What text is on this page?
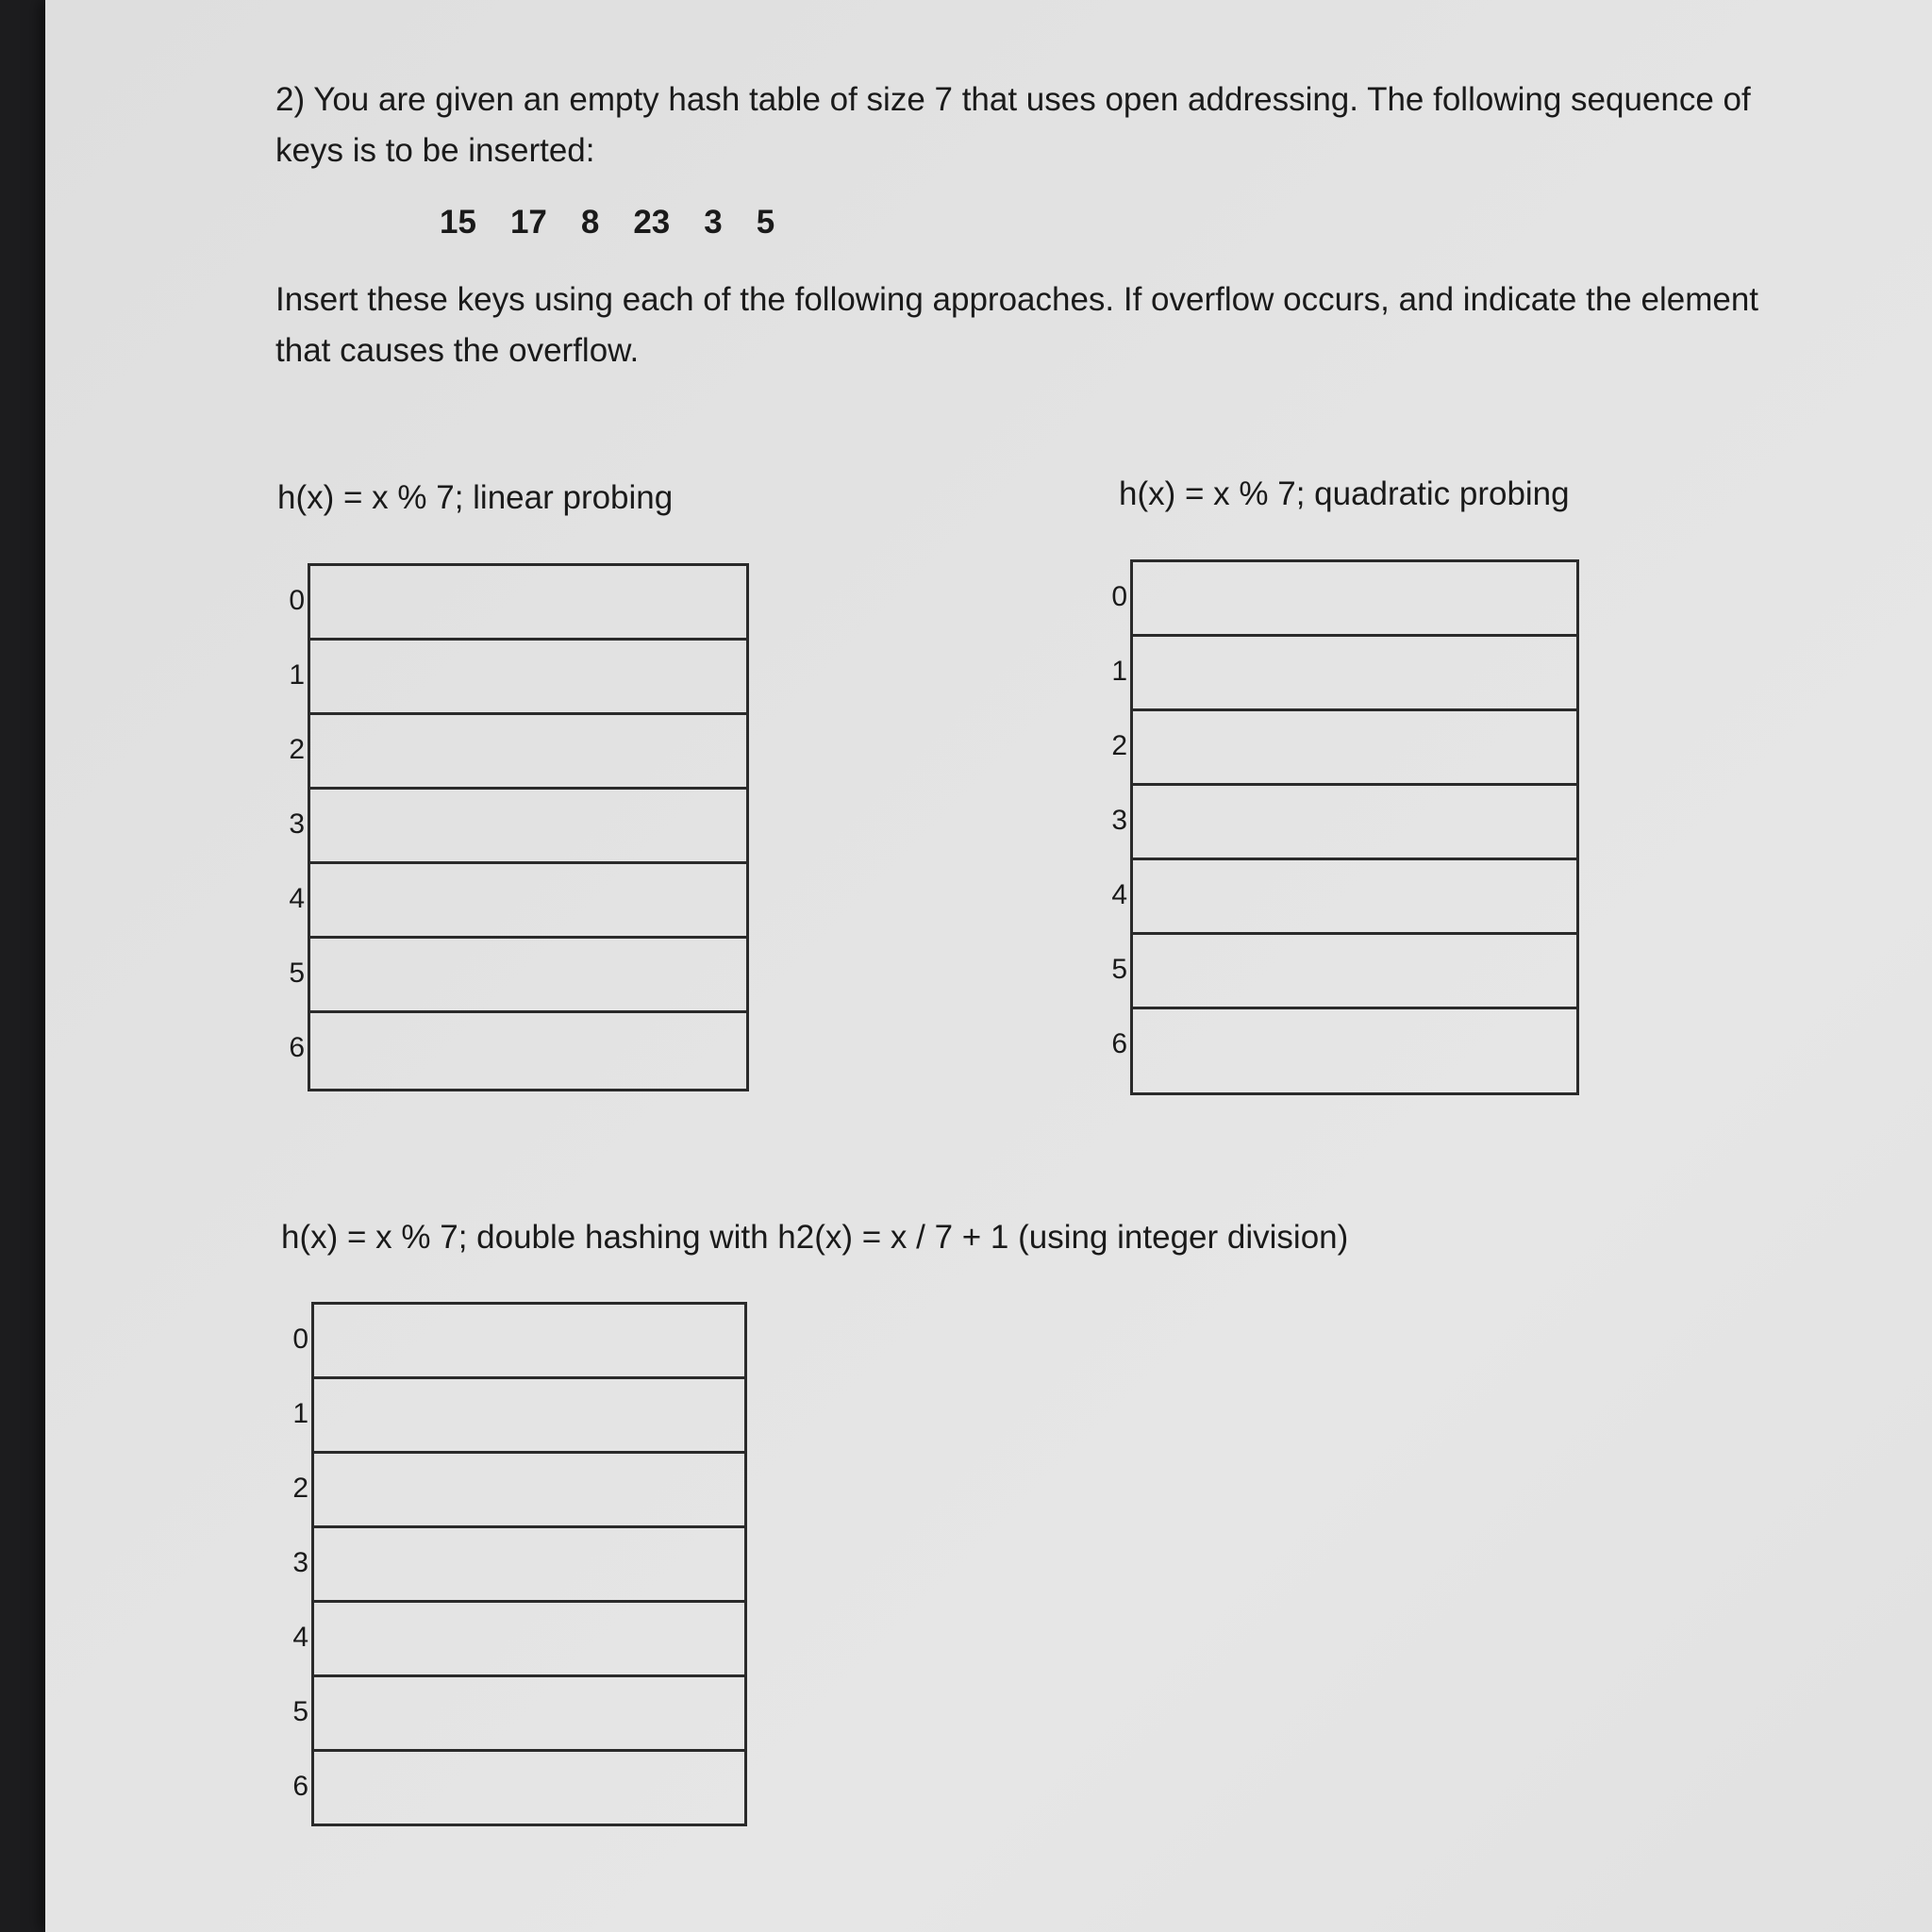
2) You are given an empty hash table of size 7 that uses open addressing. The following sequence of
keys is to be inserted:
15 17 8 23 3 5
Insert these keys using each of the following approaches. If overflow occurs, and indicate the element
that causes the overflow.
h(x) = x % 7; linear probing
0
1
2
3
4
5
6
h(x) = x % 7; quadratic probing
0
1
2
3
4
5
6
h(x) = x % 7; double hashing with h2(x) = x / 7 + 1 (using integer division)
0
1
2
3
4
5
6
